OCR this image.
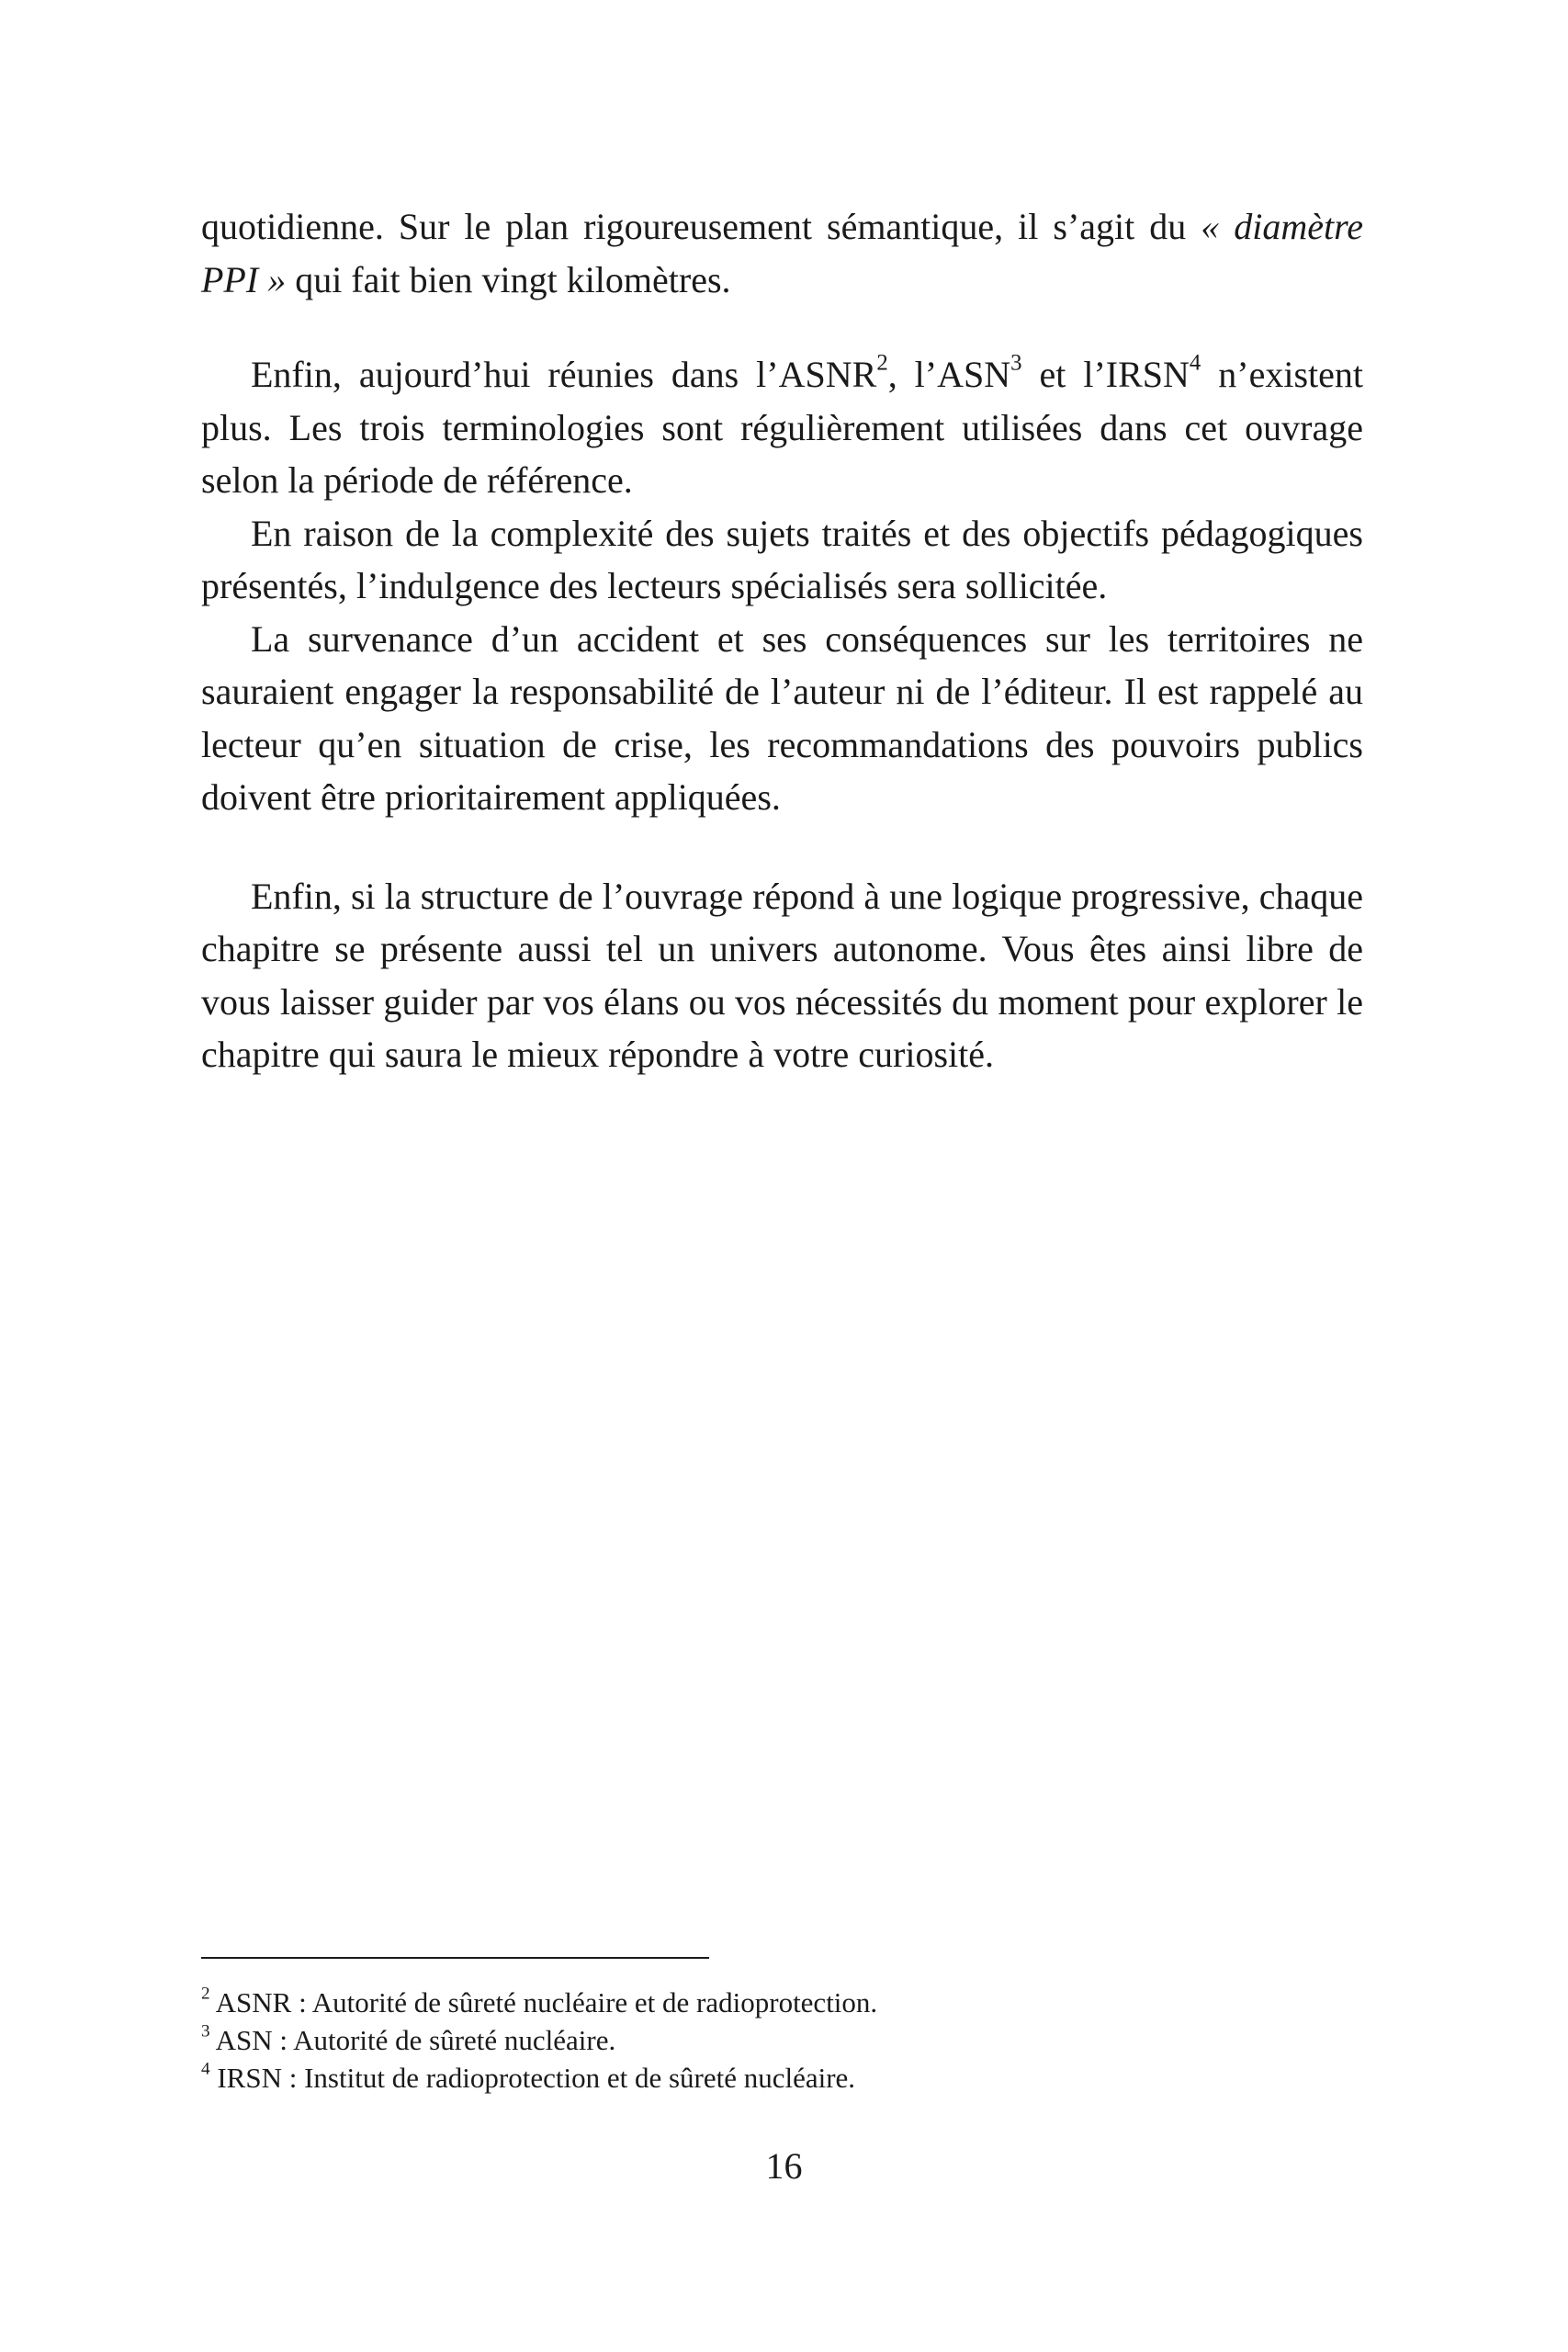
quotidienne. Sur le plan rigoureusement sémantique, il s’agit du « diamètre PPI » qui fait bien vingt kilomètres.

Enfin, aujourd’hui réunies dans l’ASNR$^2$, l’ASN$^3$ et l’IRSN$^4$ n’existent plus. Les trois terminologies sont régulièrement utilisées dans cet ouvrage selon la période de référence.

En raison de la complexité des sujets traités et des objectifs pédagogiques présentés, l’indulgence des lecteurs spécialisés sera sollicitée.

La survenance d’un accident et ses conséquences sur les territoires ne sauraient engager la responsabilité de l’auteur ni de l’éditeur. Il est rappelé au lecteur qu’en situation de crise, les recommandations des pouvoirs publics doivent être prioritairement appliquées.

Enfin, si la structure de l’ouvrage répond à une logique progressive, chaque chapitre se présente aussi tel un univers autonome. Vous êtes ainsi libre de vous laisser guider par vos élans ou vos nécessités du moment pour explorer le chapitre qui saura le mieux répondre à votre curiosité.

$^2$ ASNR : Autorité de sûreté nucléaire et de radioprotection.
$^3$ ASN : Autorité de sûreté nucléaire.
$^4$ IRSN : Institut de radioprotection et de sûreté nucléaire.
16
